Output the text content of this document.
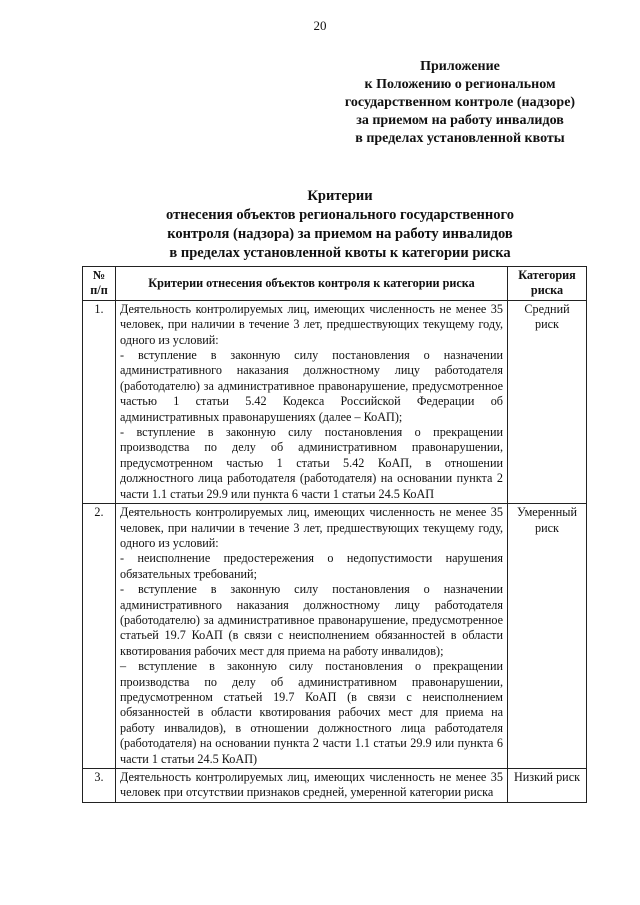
20
Приложение
к Положению о региональном
государственном контроле (надзоре)
за приемом на работу инвалидов
в пределах установленной квоты
Критерии
отнесения объектов регионального государственного
контроля (надзора) за приемом на работу инвалидов
в пределах установленной квоты к категории риска
№ п/п	Критерии отнесения объектов контроля к категории риска	Категория риска
1.	Деятельность контролируемых лиц, имеющих численность не менее 35 человек, при наличии в течение 3 лет, предшествующих текущему году, одного из условий:
- вступление в законную силу постановления о назначении административного наказания должностному лицу работодателя (работодателю) за административное правонарушение, предусмотренное частью 1 статьи 5.42 Кодекса Российской Федерации об административных правонарушениях (далее – КоАП);
- вступление в законную силу постановления о прекращении производства по делу об административном правонарушении, предусмотренном частью 1 статьи 5.42 КоАП, в отношении должностного лица работодателя (работодателя) на основании пункта 2 части 1.1 статьи 29.9 или пункта 6 части 1 статьи 24.5 КоАП	Средний риск
2.	Деятельность контролируемых лиц, имеющих численность не менее 35 человек, при наличии в течение 3 лет, предшествующих текущему году, одного из условий:
- неисполнение предостережения о недопустимости нарушения обязательных требований;
- вступление в законную силу постановления о назначении административного наказания должностному лицу работодателя (работодателю) за административное правонарушение, предусмотренное статьей 19.7 КоАП (в связи с неисполнением обязанностей в области квотирования рабочих мест для приема на работу инвалидов);
– вступление в законную силу постановления о прекращении производства по делу об административном правонарушении, предусмотренном статьей 19.7 КоАП (в связи с неисполнением обязанностей в области квотирования рабочих мест для приема на работу инвалидов), в отношении должностного лица работодателя (работодателя) на основании пункта 2 части 1.1 статьи 29.9 или пункта 6 части 1 статьи 24.5 КоАП)	Умеренный риск
3.	Деятельность контролируемых лиц, имеющих численность не менее 35 человек при отсутствии признаков средней, умеренной категории риска	Низкий риск
